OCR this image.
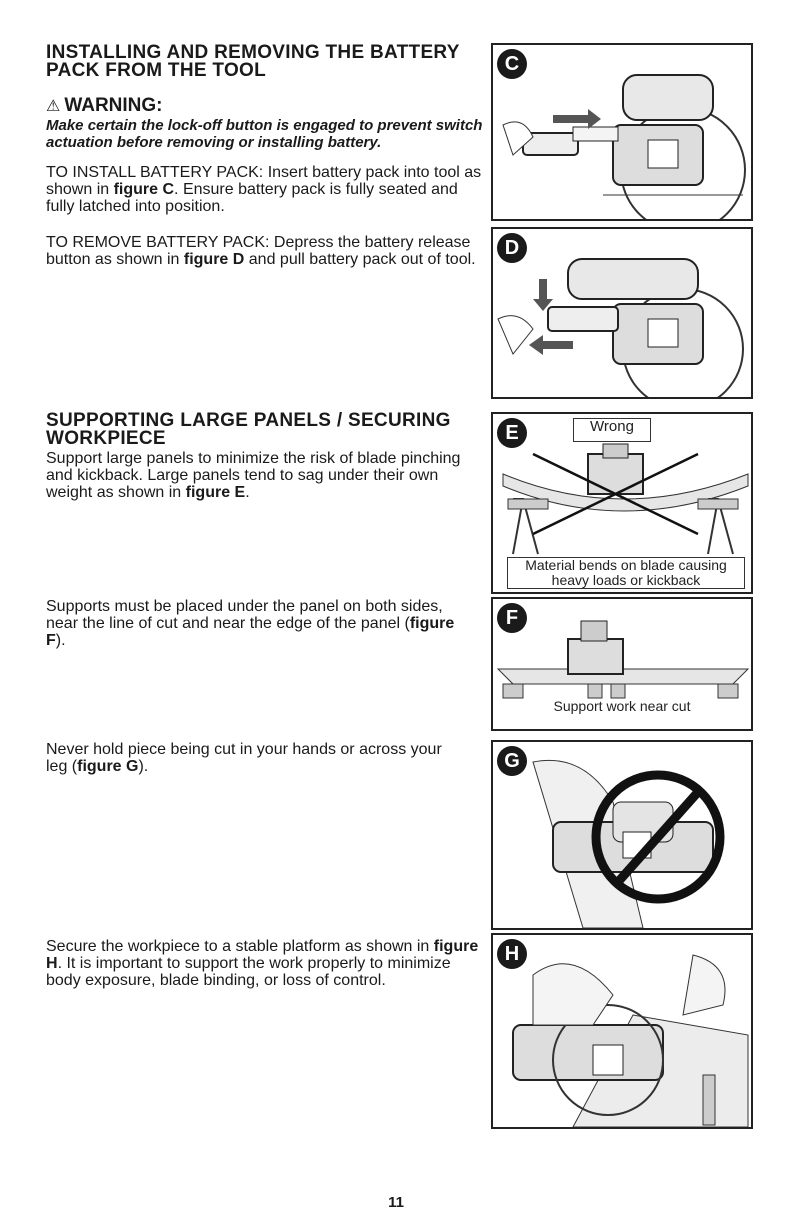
INSTALLING AND REMOVING THE BATTERY
PACK FROM THE TOOL
⚠ WARNING:
Make certain the lock-off button is engaged to prevent switch actuation before removing or installing battery.

TO INSTALL BATTERY PACK: Insert battery pack into tool as shown in figure C. Ensure battery pack is fully seated and fully latched into position.

TO REMOVE BATTERY PACK: Depress the battery release button as shown in figure D and pull battery pack out of tool.

SUPPORTING LARGE PANELS / SECURING
WORKPIECE

Support large panels to minimize the risk of blade pinching and kickback. Large panels tend to sag under their own weight as shown in figure E.

Supports must be placed under the panel on both sides, near the line of cut and near the edge of the panel (figure F).

Never hold piece being cut in your hands or across your leg (figure G).

Secure the workpiece to a stable platform as shown in figure H. It is important to support the work properly to minimize body exposure, blade binding, or loss of control.

C
D
E	Wrong
Material bends on blade causing heavy loads or kickback
F
Support work near cut
G
H
11
